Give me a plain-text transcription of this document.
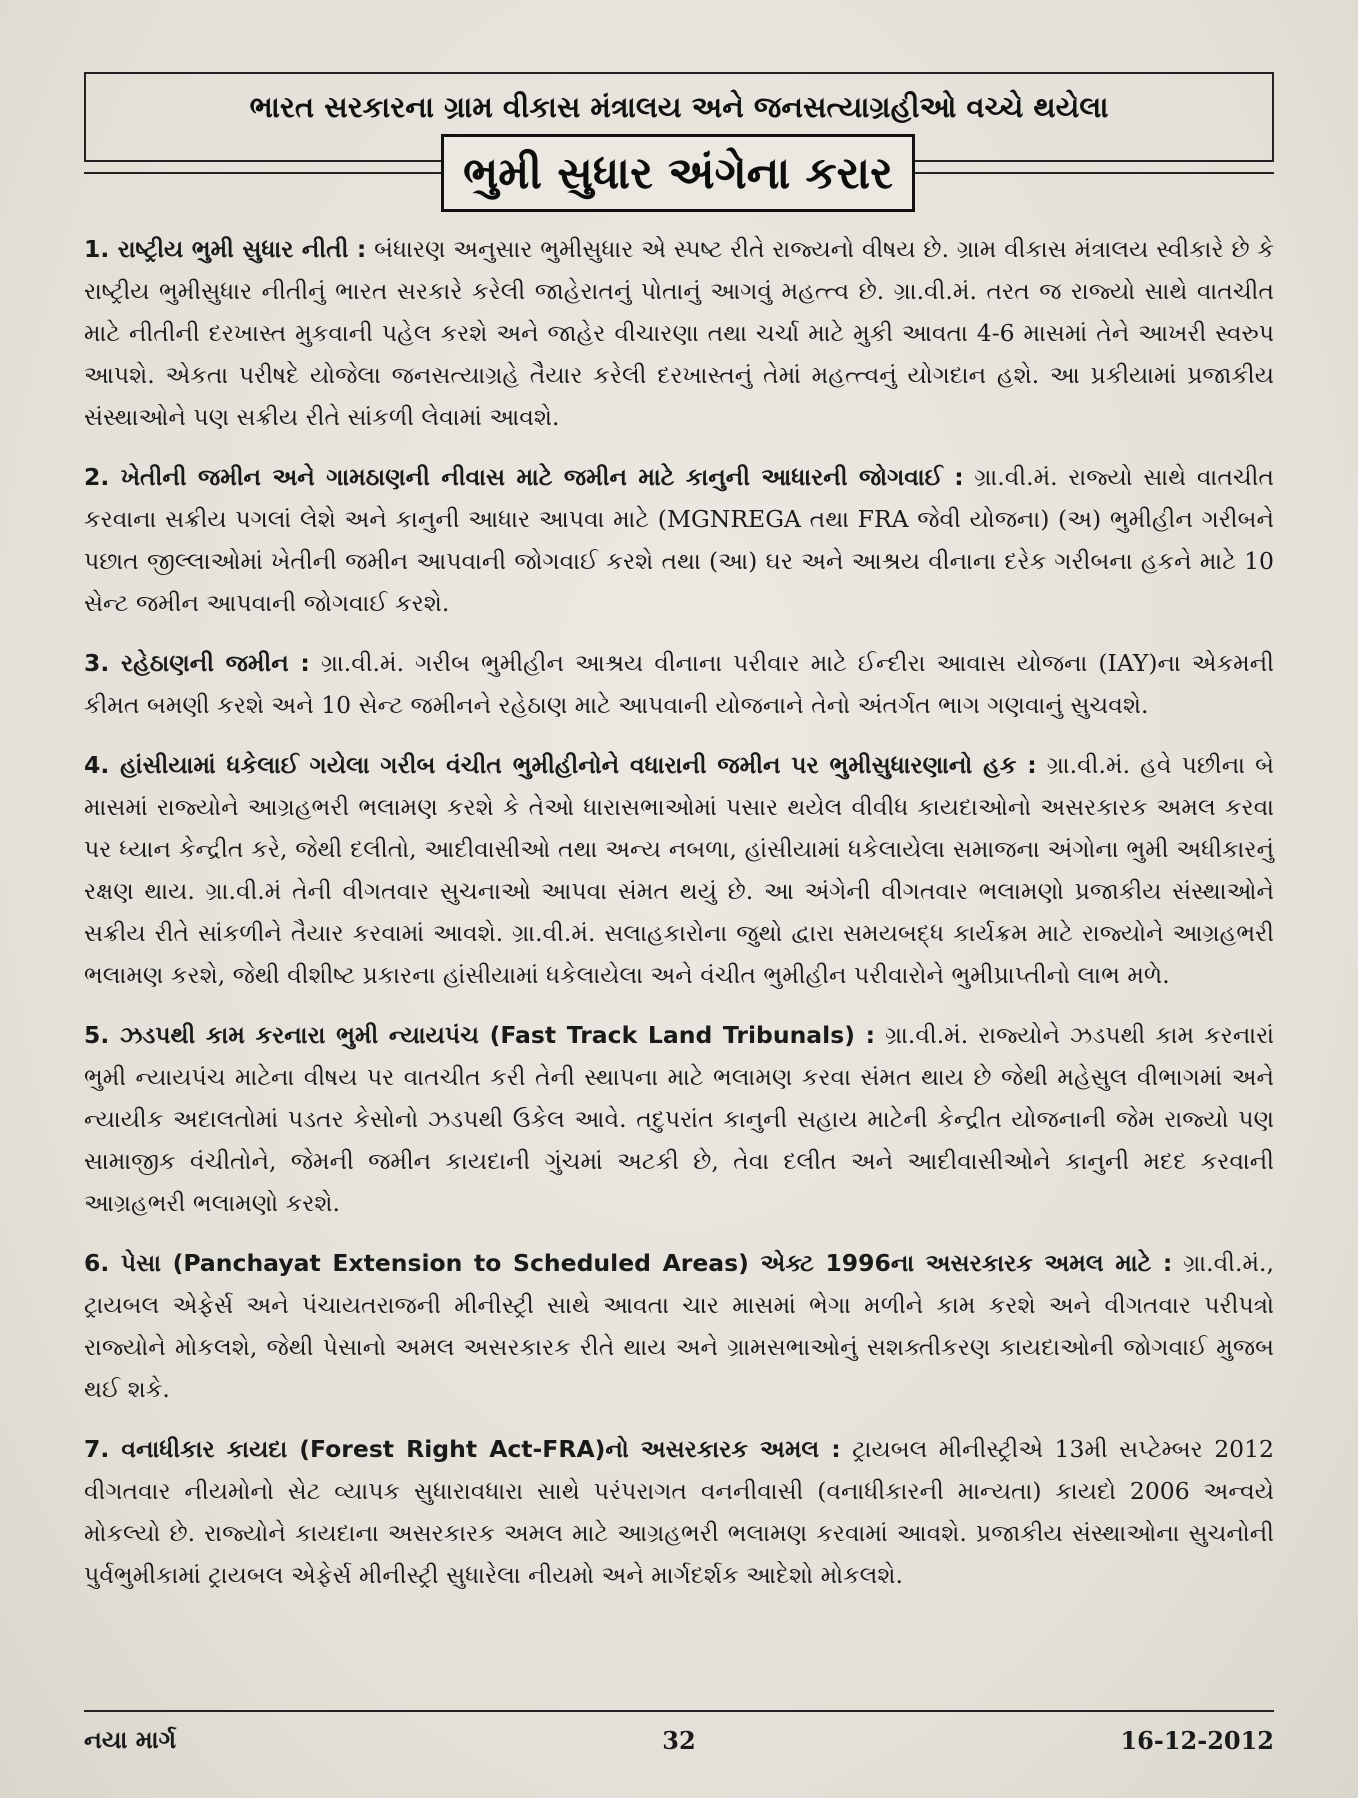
ભારત સરકારના ગ્રામ વીકાસ મંત્રાલય અને જનસત્યાગ્રહીઓ વચ્ચે થયેલા
ભુમી સુધાર અંગેના કરાર

1. રાષ્ટ્રીય ભુમી સુધાર નીતી : બંધારણ અનુસાર ભુમીસુધાર એ સ્પષ્ટ રીતે રાજ્યનો વીષય છે. ગ્રામ વીકાસ મંત્રાલય સ્વીકારે છે કે રાષ્ટ્રીય ભુમીસુધાર નીતીનું ભારત સરકારે કરેલી જાહેરાતનું પોતાનું આગવું મહત્ત્વ છે. ગ્રા.વી.મં. તરત જ રાજ્યો સાથે વાતચીત માટે નીતીની દરખાસ્ત મુકવાની પહેલ કરશે અને જાહેર વીચારણા તથા ચર્ચા માટે મુકી આવતા 4-6 માસમાં તેને આખરી સ્વરુપ આપશે. એકતા પરીષદે યોજેલા જનસત્યાગ્રહે તૈયાર કરેલી દરખાસ્તનું તેમાં મહત્ત્વનું યોગદાન હશે. આ પ્રકીયામાં પ્રજાકીય સંસ્થાઓને પણ સક્રીય રીતે સાંકળી લેવામાં આવશે.

2. ખેતીની જમીન અને ગામઠાણની નીવાસ માટે જમીન માટે કાનુની આધારની જોગવાઈ : ગ્રા.વી.મં. રાજ્યો સાથે વાતચીત કરવાના સક્રીય પગલાં લેશે અને કાનુની આધાર આપવા માટે (MGNREGA તથા FRA જેવી યોજના) (અ) ભુમીહીન ગરીબને પછાત જીલ્લાઓમાં ખેતીની જમીન આપવાની જોગવાઈ કરશે તથા (આ) ઘર અને આશ્રય વીનાના દરેક ગરીબના હકને માટે 10 સેન્ટ જમીન આપવાની જોગવાઈ કરશે.

3. રહેઠાણની જમીન : ગ્રા.વી.મં. ગરીબ ભુમીહીન આશ્રય વીનાના પરીવાર માટે ઈન્દીરા આવાસ યોજના (IAY)ના એકમની કીમત બમણી કરશે અને 10 સેન્ટ જમીનને રહેઠાણ માટે આપવાની યોજનાને તેનો અંતર્ગત ભાગ ગણવાનું સુચવશે.

4. હાંસીયામાં ધકેલાઈ ગયેલા ગરીબ વંચીત ભુમીહીનોને વધારાની જમીન પર ભુમીસુધારણાનો હક : ગ્રા.વી.મં. હવે પછીના બે માસમાં રાજ્યોને આગ્રહભરી ભલામણ કરશે કે તેઓ ધારાસભાઓમાં પસાર થયેલ વીવીધ કાયદાઓનો અસરકારક અમલ કરવા પર ધ્યાન કેન્દ્રીત કરે, જેથી દલીતો, આદીવાસીઓ તથા અન્ય નબળા, હાંસીયામાં ધકેલાયેલા સમાજના અંગોના ભુમી અધીકારનું રક્ષણ થાય. ગ્રા.વી.મં તેની વીગતવાર સુચનાઓ આપવા સંમત થયું છે. આ અંગેની વીગતવાર ભલામણો પ્રજાકીય સંસ્થાઓને સક્રીય રીતે સાંકળીને તૈયાર કરવામાં આવશે. ગ્રા.વી.મં. સલાહકારોના જુથો દ્વારા સમયબદ્ધ કાર્યક્રમ માટે રાજ્યોને આગ્રહભરી ભલામણ કરશે, જેથી વીશીષ્ટ પ્રકારના હાંસીયામાં ધકેલાયેલા અને વંચીત ભુમીહીન પરીવારોને ભુમીપ્રાપ્તીનો લાભ મળે.

5. ઝડપથી કામ કરનારા ભુમી ન્યાયપંચ (Fast Track Land Tribunals) : ગ્રા.વી.મં. રાજ્યોને ઝડપથી કામ કરનારાં ભુમી ન્યાયપંચ માટેના વીષય પર વાતચીત કરી તેની સ્થાપના માટે ભલામણ કરવા સંમત થાય છે જેથી મહેસુલ વીભાગમાં અને ન્યાયીક અદાલતોમાં પડતર કેસોનો ઝડપથી ઉકેલ આવે. તદુપરાંત કાનુની સહાય માટેની કેન્દ્રીત યોજનાની જેમ રાજ્યો પણ સામાજીક વંચીતોને, જેમની જમીન કાયદાની ગુંચમાં અટકી છે, તેવા દલીત અને આદીવાસીઓને કાનુની મદદ કરવાની આગ્રહભરી ભલામણો કરશે.

6. પેસા (Panchayat Extension to Scheduled Areas) એક્ટ 1996ના અસરકારક અમલ માટે : ગ્રા.વી.મં., ટ્રાયબલ એફેર્સ અને પંચાયતરાજની મીનીસ્ટ્રી સાથે આવતા ચાર માસમાં ભેગા મળીને કામ કરશે અને વીગતવાર પરીપત્રો રાજ્યોને મોકલશે, જેથી પેસાનો અમલ અસરકારક રીતે થાય અને ગ્રામસભાઓનું સશક્તીકરણ કાયદાઓની જોગવાઈ મુજબ થઈ શકે.

7. વનાધીકાર કાયદા (Forest Right Act-FRA)નો અસરકારક અમલ : ટ્રાયબલ મીનીસ્ટ્રીએ 13મી સપ્ટેમ્બર 2012 વીગતવાર નીયમોનો સેટ વ્યાપક સુધારાવધારા સાથે પરંપરાગત વનનીવાસી (વનાધીકારની માન્યતા) કાયદો 2006 અન્વયે મોકલ્યો છે. રાજ્યોને કાયદાના અસરકારક અમલ માટે આગ્રહભરી ભલામણ કરવામાં આવશે. પ્રજાકીય સંસ્થાઓના સુચનોની પુર્વભુમીકામાં ટ્રાયબલ એફેર્સ મીનીસ્ટ્રી સુધારેલા નીયમો અને માર્ગદર્શક આદેશો મોકલશે.

નયા માર્ગ	32	16-12-2012
